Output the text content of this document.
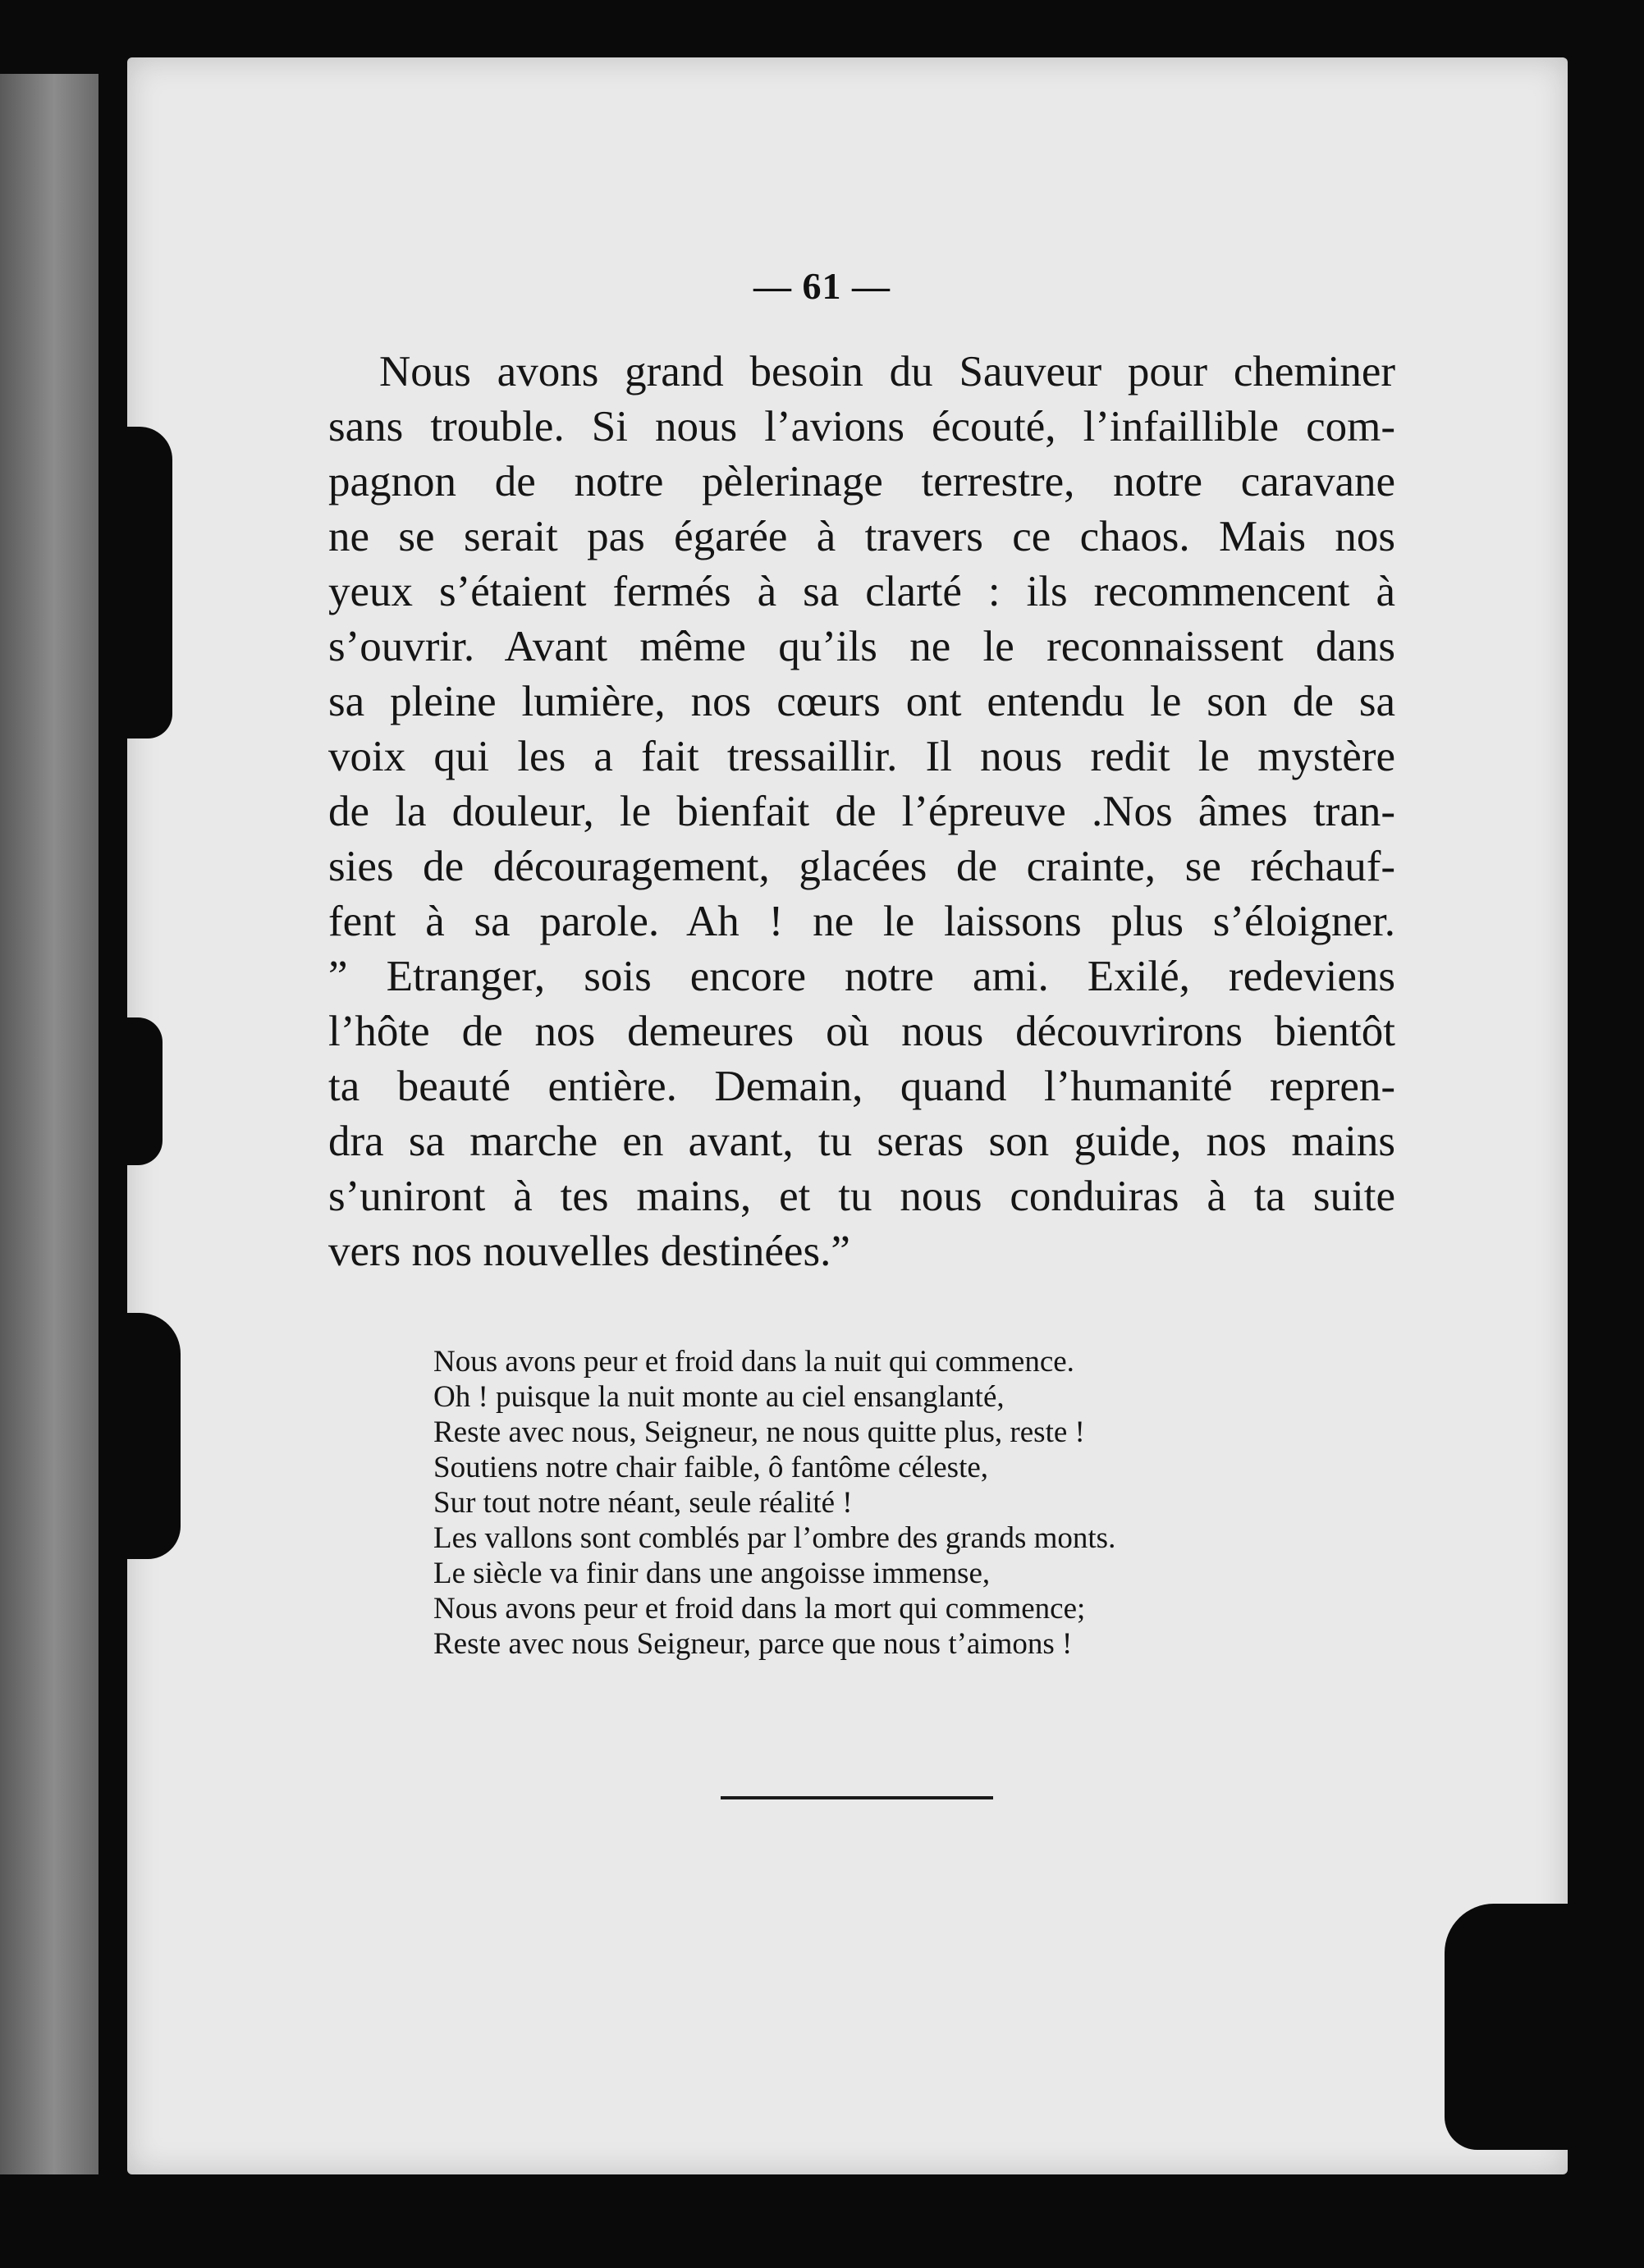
— 61 —
Nous avons grand besoin du Sauveur pour cheminer
sans trouble. Si nous l’avions écouté, l’infaillible com-
pagnon de notre pèlerinage terrestre, notre caravane
ne se serait pas égarée à travers ce chaos. Mais nos
yeux s’étaient fermés à sa clarté : ils recommencent à
s’ouvrir. Avant même qu’ils ne le reconnaissent dans
sa pleine lumière, nos cœurs ont entendu le son de sa
voix qui les a fait tressaillir. Il nous redit le mystère
de la douleur, le bienfait de l’épreuve .Nos âmes tran-
sies de découragement, glacées de crainte, se réchauf-
fent à sa parole. Ah ! ne le laissons plus s’éloigner.
” Etranger, sois encore notre ami. Exilé, redeviens
l’hôte de nos demeures où nous découvrirons bientôt
ta beauté entière. Demain, quand l’humanité repren-
dra sa marche en avant, tu seras son guide, nos mains
s’uniront à tes mains, et tu nous conduiras à ta suite
vers nos nouvelles destinées.”
Nous avons peur et froid dans la nuit qui commence.
Oh ! puisque la nuit monte au ciel ensanglanté,
Reste avec nous, Seigneur, ne nous quitte plus, reste !
Soutiens notre chair faible, ô fantôme céleste,
Sur tout notre néant, seule réalité !
Les vallons sont comblés par l’ombre des grands monts.
Le siècle va finir dans une angoisse immense,
Nous avons peur et froid dans la mort qui commence;
Reste avec nous Seigneur, parce que nous t’aimons !
